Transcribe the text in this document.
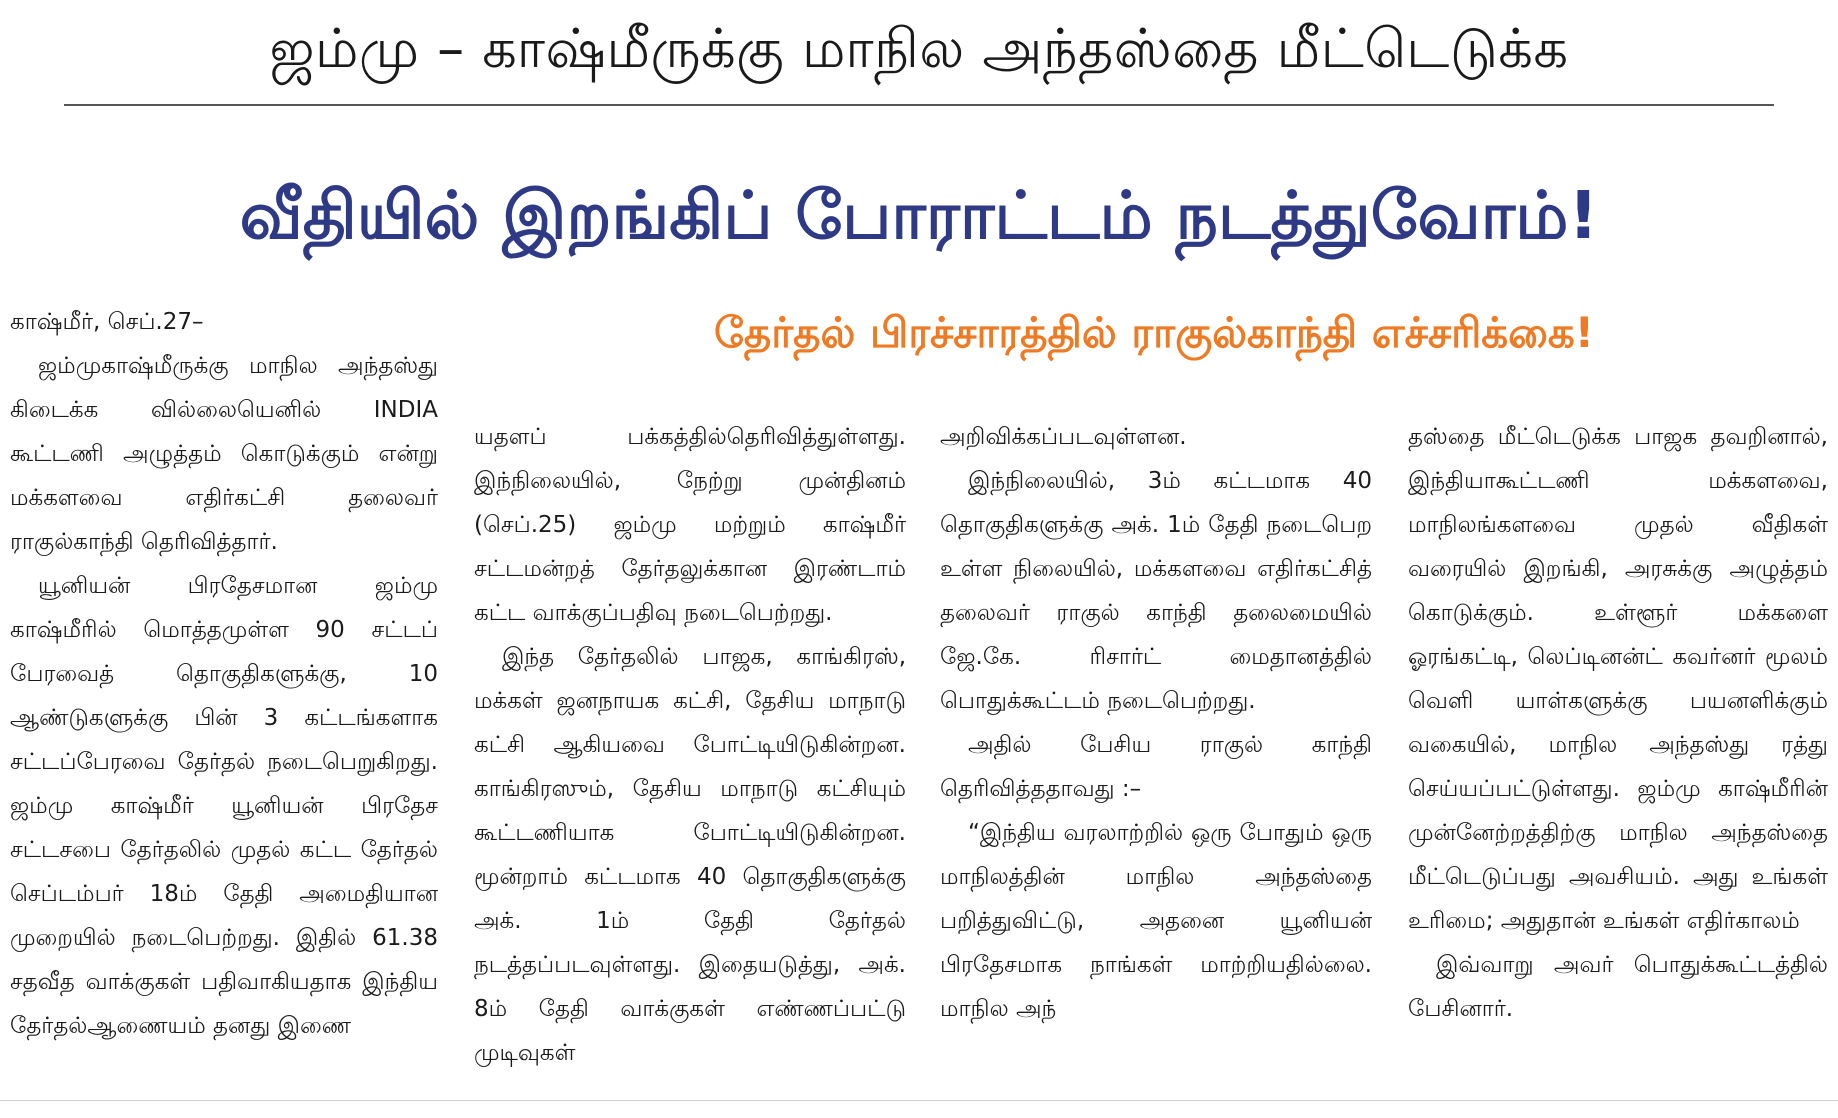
ஜம்மு – காஷ்மீருக்கு மாநில அந்தஸ்தை மீட்டெடுக்க
வீதியில் இறங்கிப் போராட்டம் நடத்துவோம்!
தேர்தல் பிரச்சாரத்தில் ராகுல்காந்தி எச்சரிக்கை!

காஷ்மீர், செப்.27–

ஜம்முகாஷ்மீருக்கு மாநில அந்தஸ்து கிடைக்க வில்லையெனில் INDIA கூட்டணி அழுத்தம் கொடுக்கும் என்று மக்களவை எதிர்கட்சி தலைவர் ராகுல்காந்தி தெரிவித்தார்.

யூனியன் பிரதேசமான ஜம்மு காஷ்மீரில் மொத்தமுள்ள 90 சட்டப் பேரவைத் தொகுதிகளுக்கு, 10 ஆண்டுகளுக்கு பின் 3 கட்டங்களாக சட்டப்பேரவை தேர்தல் நடைபெறுகிறது. ஜம்மு காஷ்மீர் யூனியன் பிரதேச சட்டசபை தேர்தலில் முதல் கட்ட தேர்தல் செப்டம்பர் 18ம் தேதி அமைதியான முறையில் நடைபெற்றது. இதில் 61.38 சதவீத வாக்குகள் பதிவாகியதாக இந்திய தேர்தல்ஆணையம் தனது இணை

யதளப் பக்கத்தில்தெரிவித்துள்ளது. இந்நிலையில், நேற்று முன்தினம் (செப்.25) ஜம்மு மற்றும் காஷ்மீர் சட்டமன்றத் தேர்தலுக்கான இரண்டாம் கட்ட வாக்குப்பதிவு நடைபெற்றது.

இந்த தேர்தலில் பாஜக, காங்கிரஸ், மக்கள் ஜனநாயக கட்சி, தேசிய மாநாடு கட்சி ஆகியவை போட்டியிடுகின்றன. காங்கிரஸும், தேசிய மாநாடு கட்சியும் கூட்டணியாக போட்டியிடுகின்றன. மூன்றாம் கட்டமாக 40 தொகுதிகளுக்கு அக். 1ம் தேதி தேர்தல் நடத்தப்படவுள்ளது. இதையடுத்து, அக். 8ம் தேதி வாக்குகள் எண்ணப்பட்டு முடிவுகள்

அறிவிக்கப்படவுள்ளன.

இந்நிலையில், 3ம் கட்டமாக 40 தொகுதிகளுக்கு அக். 1ம் தேதி நடைபெற உள்ள நிலையில், மக்களவை எதிர்கட்சித் தலைவர் ராகுல் காந்தி தலைமையில் ஜே.கே. ரிசார்ட் மைதானத்தில் பொதுக்கூட்டம் நடைபெற்றது.

அதில் பேசிய ராகுல் காந்தி தெரிவித்ததாவது :–

“இந்திய வரலாற்றில் ஒரு போதும் ஒரு மாநிலத்தின் மாநில அந்தஸ்தை பறித்துவிட்டு, அதனை யூனியன் பிரதேசமாக நாங்கள் மாற்றியதில்லை. மாநில அந்

தஸ்தை மீட்டெடுக்க பாஜக தவறினால், இந்தியாகூட்டணி மக்களவை, மாநிலங்களவை முதல் வீதிகள் வரையில் இறங்கி, அரசுக்கு அழுத்தம் கொடுக்கும். உள்ளூர் மக்களை ஓரங்கட்டி, லெப்டினன்ட் கவர்னர் மூலம் வெளி யாள்களுக்கு பயனளிக்கும் வகையில், மாநில அந்தஸ்து ரத்து செய்யப்பட்டுள்ளது. ஜம்மு காஷ்மீரின் முன்னேற்றத்திற்கு மாநில அந்தஸ்தை மீட்டெடுப்பது அவசியம். அது உங்கள் உரிமை; அதுதான் உங்கள் எதிர்காலம்

இவ்வாறு அவர் பொதுக்கூட்டத்தில் பேசினார்.
